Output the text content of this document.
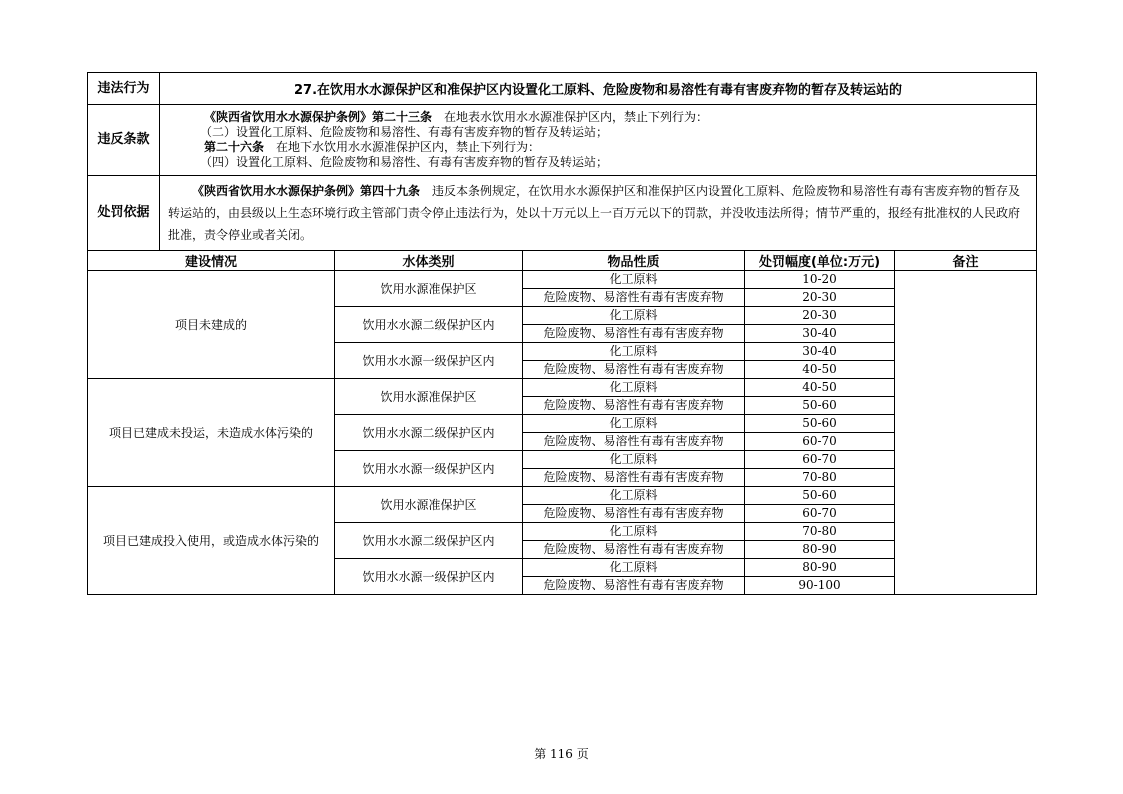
违法行为	27.在饮用水水源保护区和准保护区内设置化工原料、危险废物和易溶性有毒有害废弃物的暂存及转运站的				
违反条款	《陕西省饮用水水源保护条例》第二十三条　在地表水饮用水水源准保护区内，禁止下列行为：
（二）设置化工原料、危险废物和易溶性、有毒有害废弃物的暂存及转运站；
第二十六条　在地下水饮用水水源准保护区内，禁止下列行为：
（四）设置化工原料、危险废物和易溶性、有毒有害废弃物的暂存及转运站；				

处罚依据	《陕西省饮用水水源保护条例》第四十九条　违反本条例规定，在饮用水水源保护区和准保护区内设置化工原料、危险废物和易溶性有毒有害废弃物的暂存及转运站的，由县级以上生态环境行政主管部门责令停止违法行为，处以十万元以上一百万元以下的罚款，并没收违法所得；情节严重的，报经有批准权的人民政府批准，责令停业或者关闭。				
建设情况		水体类别	物品性质	处罚幅度(单位:万元)	备注
项目未建成的		饮用水源准保护区	化工原料	10-20	
			危险废物、易溶性有毒有害废弃物	20-30	
		饮用水水源二级保护区内	化工原料	20-30	
			危险废物、易溶性有毒有害废弃物	30-40	
		饮用水水源一级保护区内	化工原料	30-40	
			危险废物、易溶性有毒有害废弃物	40-50	
项目已建成未投运，未造成水体污染的		饮用水源准保护区	化工原料	40-50	
			危险废物、易溶性有毒有害废弃物	50-60	
		饮用水水源二级保护区内	化工原料	50-60	
			危险废物、易溶性有毒有害废弃物	60-70	
		饮用水水源一级保护区内	化工原料	60-70	
			危险废物、易溶性有毒有害废弃物	70-80	
项目已建成投入使用，或造成水体污染的		饮用水源准保护区	化工原料	50-60	
			危险废物、易溶性有毒有害废弃物	60-70	
		饮用水水源二级保护区内	化工原料	70-80	
			危险废物、易溶性有毒有害废弃物	80-90	
		饮用水水源一级保护区内	化工原料	80-90	
			危险废物、易溶性有毒有害废弃物	90-100	
第 116 页
